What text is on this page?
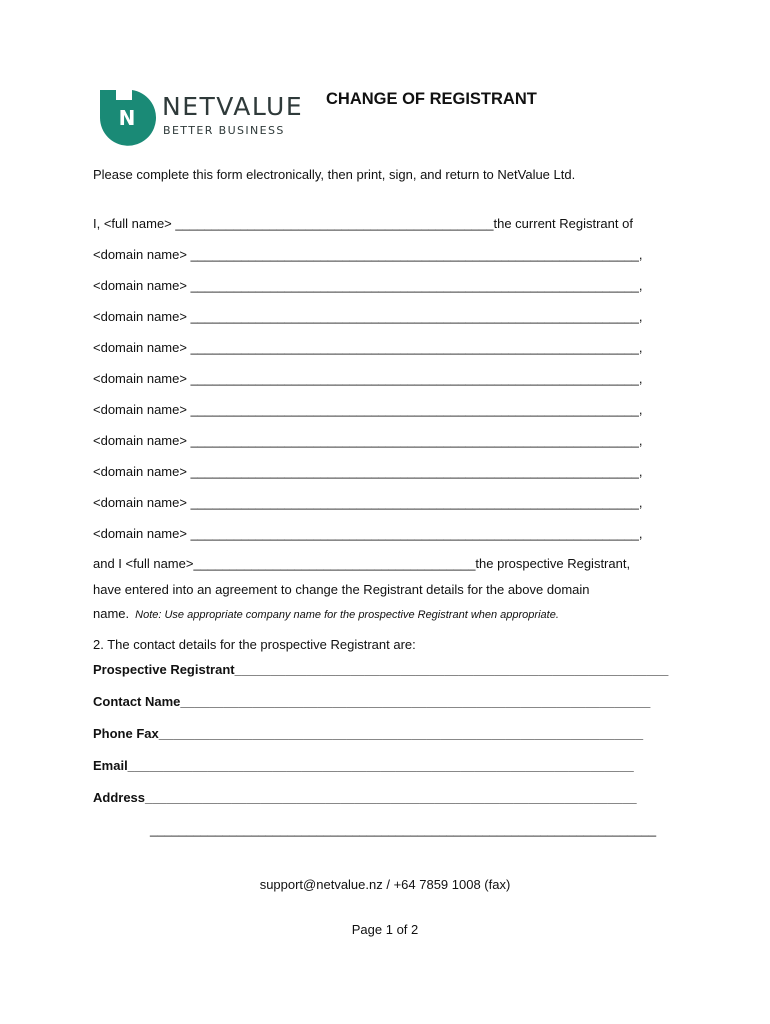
N NETVALUE
BETTER BUSINESS
CHANGE OF REGISTRANT
Please complete this form electronically, then print, sign, and return to NetValue Ltd.
I, <full name> ____________________________________________the current Registrant of
<domain name> ______________________________________________________________,
<domain name> ______________________________________________________________,
<domain name> ______________________________________________________________,
<domain name> ______________________________________________________________,
<domain name> ______________________________________________________________,
<domain name> ______________________________________________________________,
<domain name> ______________________________________________________________,
<domain name> ______________________________________________________________,
<domain name> ______________________________________________________________,
<domain name> ______________________________________________________________,
and I <full name>_______________________________________the prospective Registrant,
have entered into an agreement to change the Registrant details for the above domain
name. Note: Use appropriate company name for the prospective Registrant when appropriate.
2. The contact details for the prospective Registrant are:
Prospective Registrant____________________________________________________________
Contact Name_________________________________________________________________
Phone Fax___________________________________________________________________
Email______________________________________________________________________
Address____________________________________________________________________
______________________________________________________________________
support@netvalue.nz / +64 7859 1008 (fax)
Page 1 of 2
